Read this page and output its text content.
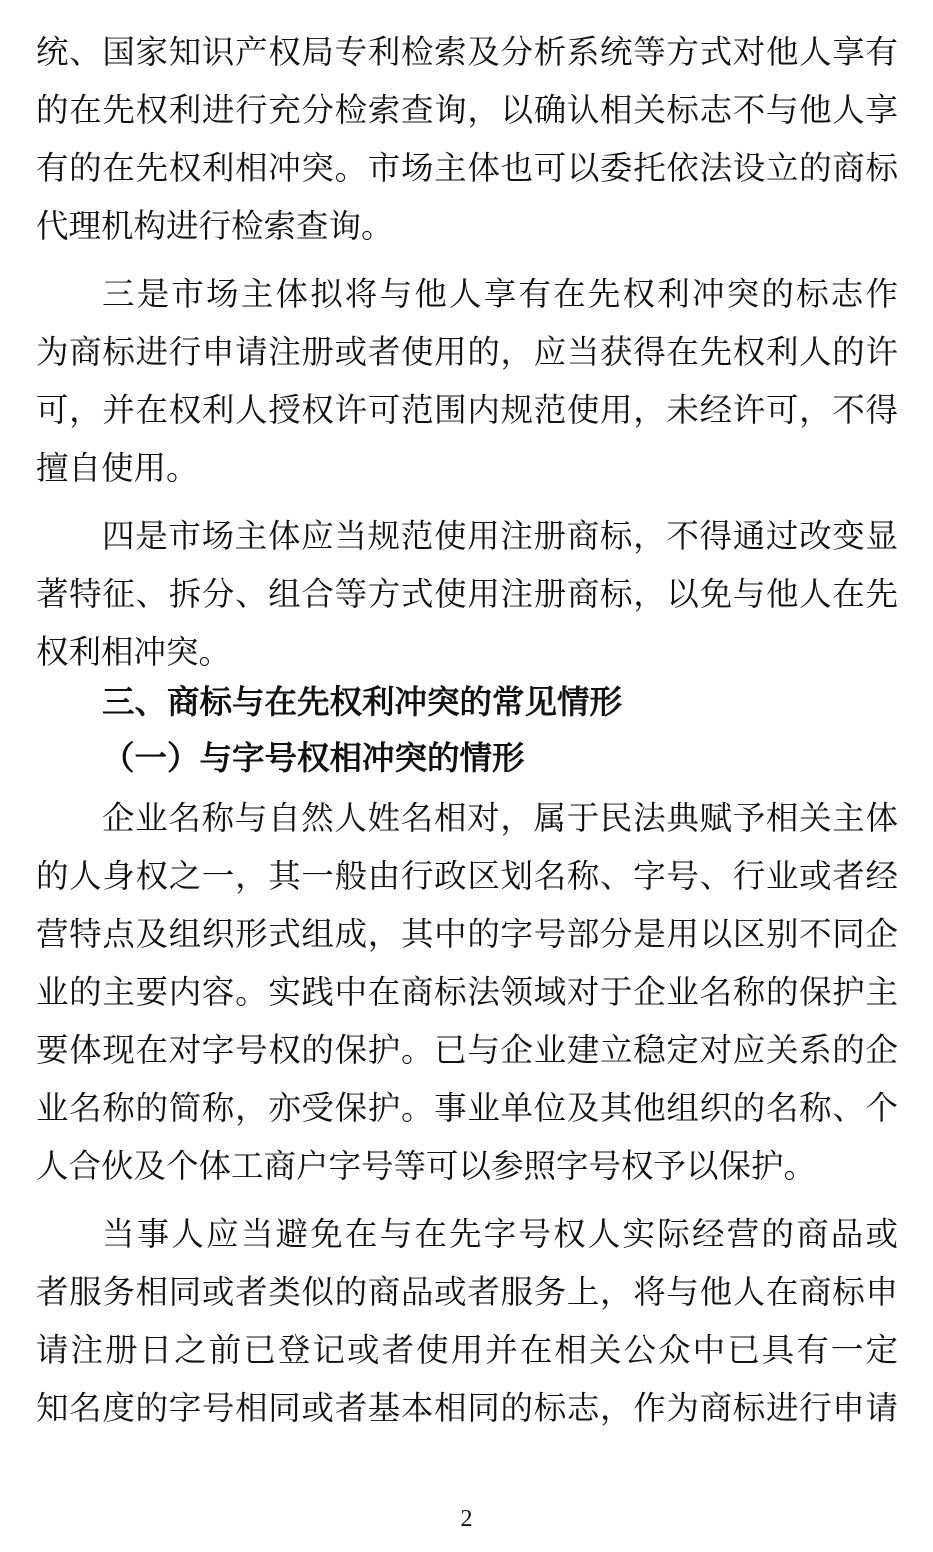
统、国家知识产权局专利检索及分析系统等方式对他人享有
的在先权利进行充分检索查询，以确认相关标志不与他人享
有的在先权利相冲突。市场主体也可以委托依法设立的商标
代理机构进行检索查询。
三是市场主体拟将与他人享有在先权利冲突的标志作
为商标进行申请注册或者使用的，应当获得在先权利人的许
可，并在权利人授权许可范围内规范使用，未经许可，不得
擅自使用。
四是市场主体应当规范使用注册商标，不得通过改变显
著特征、拆分、组合等方式使用注册商标，以免与他人在先
权利相冲突。
三、商标与在先权利冲突的常见情形
（一）与字号权相冲突的情形
企业名称与自然人姓名相对，属于民法典赋予相关主体
的人身权之一，其一般由行政区划名称、字号、行业或者经
营特点及组织形式组成，其中的字号部分是用以区别不同企
业的主要内容。实践中在商标法领域对于企业名称的保护主
要体现在对字号权的保护。已与企业建立稳定对应关系的企
业名称的简称，亦受保护。事业单位及其他组织的名称、个
人合伙及个体工商户字号等可以参照字号权予以保护。
当事人应当避免在与在先字号权人实际经营的商品或
者服务相同或者类似的商品或者服务上，将与他人在商标申
请注册日之前已登记或者使用并在相关公众中已具有一定
知名度的字号相同或者基本相同的标志，作为商标进行申请
2
